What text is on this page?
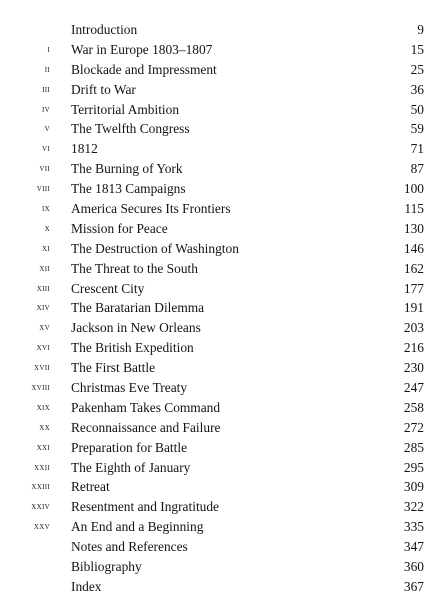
Introduction	9
i War in Europe 1803–1807	15
ii Blockade and Impressment	25
iii Drift to War	36
iv Territorial Ambition	50
v The Twelfth Congress	59
vi 1812	71
vii The Burning of York	87
viii The 1813 Campaigns	100
ix America Secures Its Frontiers	115
x Mission for Peace	130
xi The Destruction of Washington	146
xii The Threat to the South	162
xiii Crescent City	177
xiv The Baratarian Dilemma	191
xv Jackson in New Orleans	203
xvi The British Expedition	216
xvii The First Battle	230
xviii Christmas Eve Treaty	247
xix Pakenham Takes Command	258
xx Reconnaissance and Failure	272
xxi Preparation for Battle	285
xxii The Eighth of January	295
xxiii Retreat	309
xxiv Resentment and Ingratitude	322
xxv An End and a Beginning	335
Notes and References	347
Bibliography	360
Index	367
